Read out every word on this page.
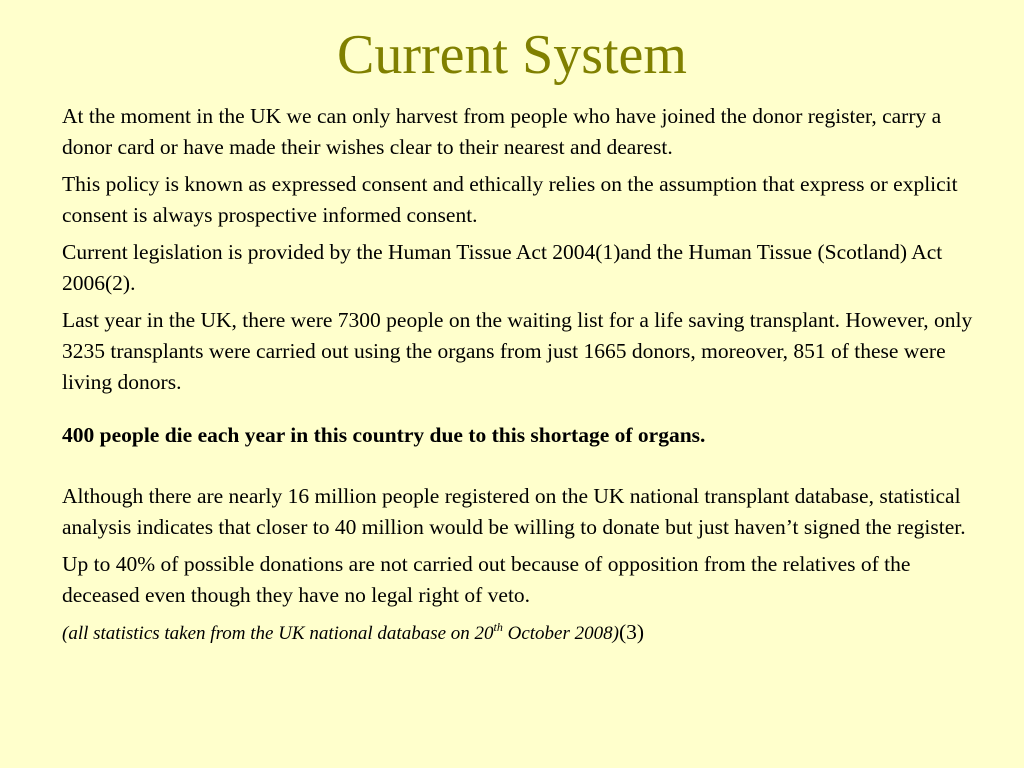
Current System

At the moment in the UK we can only harvest from people who have joined the donor register, carry a donor card or have made their wishes clear to their nearest and dearest.

This policy is known as expressed consent and ethically relies on the assumption that express or explicit consent is always prospective informed consent.

Current legislation is provided by the Human Tissue Act 2004(1)and the Human Tissue (Scotland) Act 2006(2).

Last year in the UK, there were 7300 people on the waiting list for a life saving transplant. However, only 3235 transplants were carried out using the organs from just 1665 donors, moreover, 851 of these were living donors.

400 people die each year in this country due to this shortage of organs.

Although there are nearly 16 million people registered on the UK national transplant database, statistical analysis indicates that closer to 40 million would be willing to donate but just haven’t signed the register.

Up to 40% of possible donations are not carried out because of opposition from the relatives of the deceased even though they have no legal right of veto.

(all statistics taken from the UK national database on 20th October 2008)(3)
